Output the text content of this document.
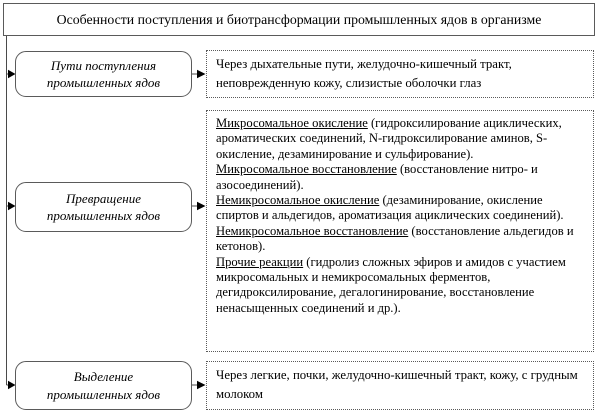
Особенности поступления и биотрансформации промышленных ядов в организме
Пути поступления
промышленных ядов

Через дыхательные пути, желудочно-кишечный тракт, неповрежденную кожу, слизистые оболочки глаз

Превращение
промышленных ядов

Микросомальное окисление (гидроксилирование ациклических, ароматических соединений, N-гидроксилирование аминов, S-окисление, дезаминирование и сульфирование).

Микросомальное восстановление (восстановление нитро- и азосоединений).

Немикросомальное окисление (дезаминирование, окисление спиртов и альдегидов, ароматизация ациклических соединений).

Немикросомальное восстановление (восстановление альдегидов и кетонов).

Прочие реакции (гидролиз сложных эфиров и амидов с участием микросомальных и немикросомальных ферментов, дегидроксилирование, дегалогинирование, восстановление ненасыщенных соединений и др.).

Выделение
промышленных ядов

Через легкие, почки, желудочно-кишечный тракт, кожу, с грудным молоком
